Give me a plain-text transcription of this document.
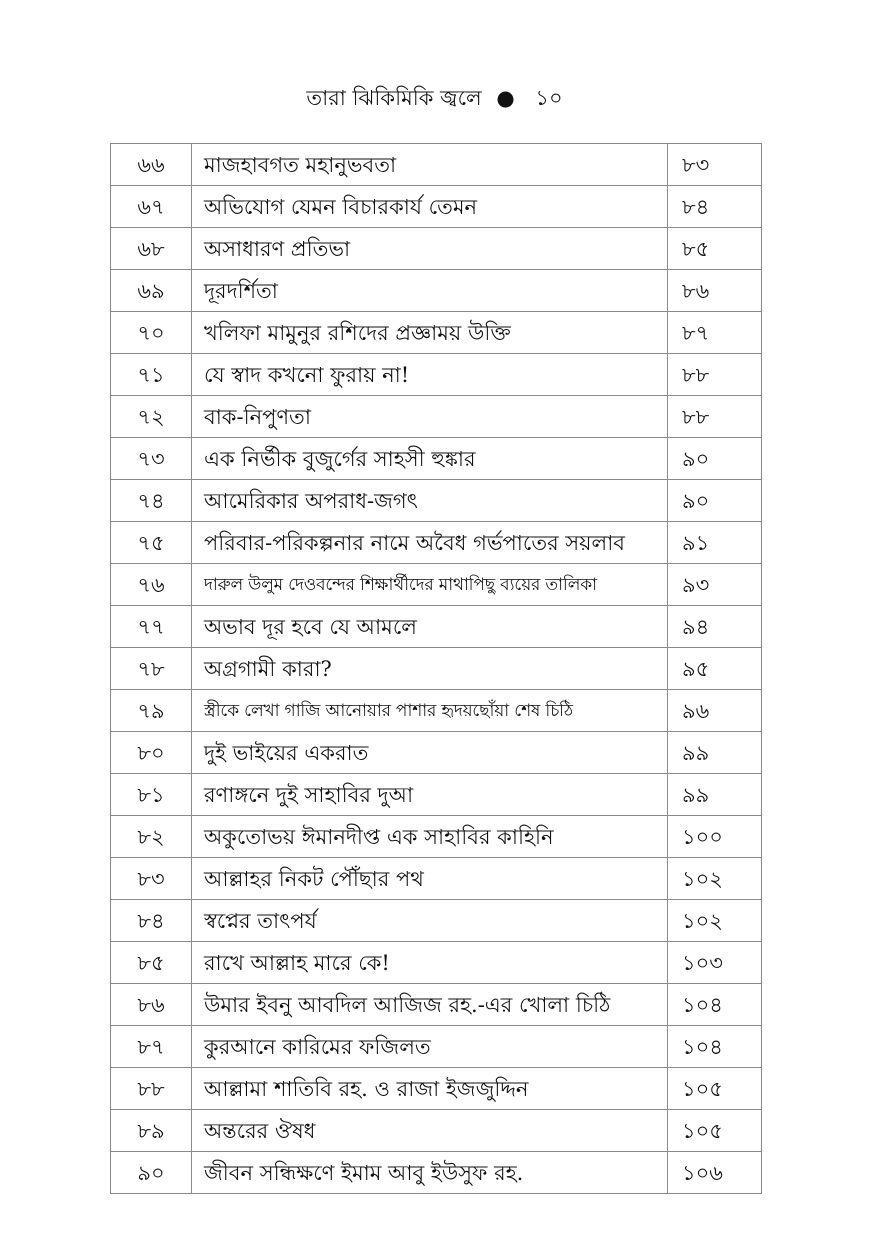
তারা ঝিকিমিকি জ্বলে ● ১০
৬৬	মাজহাবগত মহানুভবতা	৮৩
৬৭	অভিযোগ যেমন বিচারকার্য তেমন	৮৪
৬৮	অসাধারণ প্রতিভা	৮৫
৬৯	দূরদর্শিতা	৮৬
৭০	খলিফা মামুনুর রশিদের প্রজ্ঞাময় উক্তি	৮৭
৭১	যে স্বাদ কখনো ফুরায় না!	৮৮
৭২	বাক-নিপুণতা	৮৮
৭৩	এক নির্ভীক বুজুর্গের সাহসী হুঙ্কার	৯০
৭৪	আমেরিকার অপরাধ-জগৎ	৯০
৭৫	পরিবার-পরিকল্পনার নামে অবৈধ গর্ভপাতের সয়লাব	৯১
৭৬	দারুল উলুম দেওবন্দের শিক্ষার্থীদের মাথাপিছু ব্যয়ের তালিকা	৯৩
৭৭	অভাব দূর হবে যে আমলে	৯৪
৭৮	অগ্রগামী কারা?	৯৫
৭৯	স্ত্রীকে লেখা গাজি আনোয়ার পাশার হৃদয়ছোঁয়া শেষ চিঠি	৯৬
৮০	দুই ভাইয়ের একরাত	৯৯
৮১	রণাঙ্গনে দুই সাহাবির দুআ	৯৯
৮২	অকুতোভয় ঈমানদীপ্ত এক সাহাবির কাহিনি	১০০
৮৩	আল্লাহর নিকট পৌঁছার পথ	১০২
৮৪	স্বপ্নের তাৎপর্য	১০২
৮৫	রাখে আল্লাহ মারে কে!	১০৩
৮৬	উমার ইবনু আবদিল আজিজ রহ.-এর খোলা চিঠি	১০৪
৮৭	কুরআনে কারিমের ফজিলত	১০৪
৮৮	আল্লামা শাতিবি রহ. ও রাজা ইজজুদ্দিন	১০৫
৮৯	অন্তরের ঔষধ	১০৫
৯০	জীবন সন্ধিক্ষণে ইমাম আবু ইউসুফ রহ.	১০৬
